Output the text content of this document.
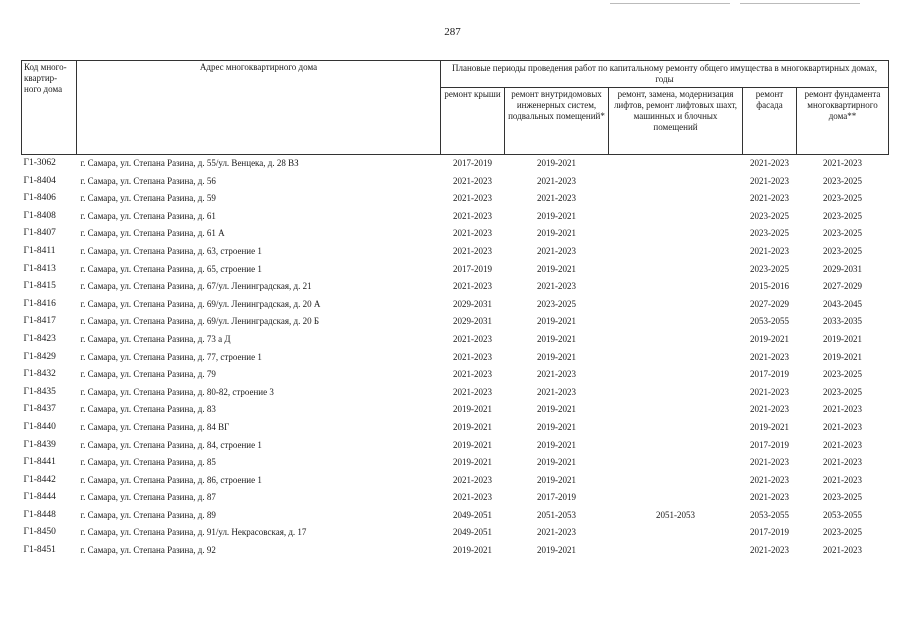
287
Код много-квартир-ного дома	Адрес многоквартирного дома	Плановые периоды проведения работ по капитальному ремонту общего имущества в многоквартирных домах, годы				
		ремонт крыши	ремонт внутридомовых инженерных систем, подвальных помещений*	ремонт, замена, модернизация лифтов, ремонт лифтовых шахт, машинных и блочных помещений	ремонт фасада	ремонт фундамента многоквартирного дома**
Г1-3062	г. Самара, ул. Степана Разина, д. 55/ул. Венцека, д. 28 ВЗ	2017-2019	2019-2021		2021-2023	2021-2023
Г1-8404	г. Самара, ул. Степана Разина, д. 56	2021-2023	2021-2023		2021-2023	2023-2025
Г1-8406	г. Самара, ул. Степана Разина, д. 59	2021-2023	2021-2023		2021-2023	2023-2025
Г1-8408	г. Самара, ул. Степана Разина, д. 61	2021-2023	2019-2021		2023-2025	2023-2025
Г1-8407	г. Самара, ул. Степана Разина, д. 61 А	2021-2023	2019-2021		2023-2025	2023-2025
Г1-8411	г. Самара, ул. Степана Разина, д. 63, строение 1	2021-2023	2021-2023		2021-2023	2023-2025
Г1-8413	г. Самара, ул. Степана Разина, д. 65, строение 1	2017-2019	2019-2021		2023-2025	2029-2031
Г1-8415	г. Самара, ул. Степана Разина, д. 67/ул. Ленинградская, д. 21	2021-2023	2021-2023		2015-2016	2027-2029
Г1-8416	г. Самара, ул. Степана Разина, д. 69/ул. Ленинградская, д. 20 А	2029-2031	2023-2025		2027-2029	2043-2045
Г1-8417	г. Самара, ул. Степана Разина, д. 69/ул. Ленинградская, д. 20 Б	2029-2031	2019-2021		2053-2055	2033-2035
Г1-8423	г. Самара, ул. Степана Разина, д. 73 а Д	2021-2023	2019-2021		2019-2021	2019-2021
Г1-8429	г. Самара, ул. Степана Разина, д. 77, строение 1	2021-2023	2019-2021		2021-2023	2019-2021
Г1-8432	г. Самара, ул. Степана Разина, д. 79	2021-2023	2021-2023		2017-2019	2023-2025
Г1-8435	г. Самара, ул. Степана Разина, д. 80-82, строение 3	2021-2023	2021-2023		2021-2023	2023-2025
Г1-8437	г. Самара, ул. Степана Разина, д. 83	2019-2021	2019-2021		2021-2023	2021-2023
Г1-8440	г. Самара, ул. Степана Разина, д. 84 ВГ	2019-2021	2019-2021		2019-2021	2021-2023
Г1-8439	г. Самара, ул. Степана Разина, д. 84, строение 1	2019-2021	2019-2021		2017-2019	2021-2023
Г1-8441	г. Самара, ул. Степана Разина, д. 85	2019-2021	2019-2021		2021-2023	2021-2023
Г1-8442	г. Самара, ул. Степана Разина, д. 86, строение 1	2021-2023	2019-2021		2021-2023	2021-2023
Г1-8444	г. Самара, ул. Степана Разина, д. 87	2021-2023	2017-2019		2021-2023	2023-2025
Г1-8448	г. Самара, ул. Степана Разина, д. 89	2049-2051	2051-2053	2051-2053	2053-2055	2053-2055
Г1-8450	г. Самара, ул. Степана Разина, д. 91/ул. Некрасовская, д. 17	2049-2051	2021-2023		2017-2019	2023-2025
Г1-8451	г. Самара, ул. Степана Разина, д. 92	2019-2021	2019-2021		2021-2023	2021-2023
